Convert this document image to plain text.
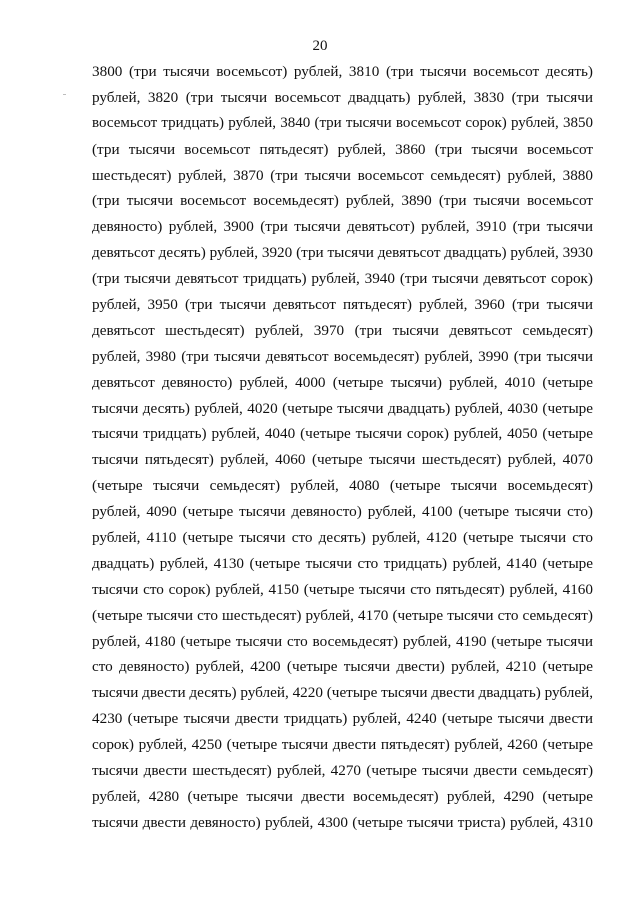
20
3800 (три тысячи восемьсот) рублей, 3810 (три тысячи восемьсот десять)
рублей, 3820 (три тысячи восемьсот двадцать) рублей, 3830 (три тысячи
восемьсот тридцать) рублей, 3840 (три тысячи восемьсот сорок) рублей, 3850
(три тысячи восемьсот пятьдесят) рублей, 3860 (три тысячи восемьсот
шестьдесят) рублей, 3870 (три тысячи восемьсот семьдесят) рублей, 3880
(три тысячи восемьсот восемьдесят) рублей, 3890 (три тысячи восемьсот
девяносто) рублей, 3900 (три тысячи девятьсот) рублей, 3910 (три тысячи
девятьсот десять) рублей, 3920 (три тысячи девятьсот двадцать) рублей, 3930
(три тысячи девятьсот тридцать) рублей, 3940 (три тысячи девятьсот сорок)
рублей, 3950 (три тысячи девятьсот пятьдесят) рублей, 3960 (три тысячи
девятьсот шестьдесят) рублей, 3970 (три тысячи девятьсот семьдесят)
рублей, 3980 (три тысячи девятьсот восемьдесят) рублей, 3990 (три тысячи
девятьсот девяносто) рублей, 4000 (четыре тысячи) рублей, 4010 (четыре
тысячи десять) рублей, 4020 (четыре тысячи двадцать) рублей, 4030 (четыре
тысячи тридцать) рублей, 4040 (четыре тысячи сорок) рублей, 4050 (четыре
тысячи пятьдесят) рублей, 4060 (четыре тысячи шестьдесят) рублей, 4070
(четыре тысячи семьдесят) рублей, 4080 (четыре тысячи восемьдесят)
рублей, 4090 (четыре тысячи девяносто) рублей, 4100 (четыре тысячи сто)
рублей, 4110 (четыре тысячи сто десять) рублей, 4120 (четыре тысячи сто
двадцать) рублей, 4130 (четыре тысячи сто тридцать) рублей, 4140 (четыре
тысячи сто сорок) рублей, 4150 (четыре тысячи сто пятьдесят) рублей, 4160
(четыре тысячи сто шестьдесят) рублей, 4170 (четыре тысячи сто семьдесят)
рублей, 4180 (четыре тысячи сто восемьдесят) рублей, 4190 (четыре тысячи
сто девяносто) рублей, 4200 (четыре тысячи двести) рублей, 4210 (четыре
тысячи двести десять) рублей, 4220 (четыре тысячи двести двадцать) рублей,
4230 (четыре тысячи двести тридцать) рублей, 4240 (четыре тысячи двести
сорок) рублей, 4250 (четыре тысячи двести пятьдесят) рублей, 4260 (четыре
тысячи двести шестьдесят) рублей, 4270 (четыре тысячи двести семьдесят)
рублей, 4280 (четыре тысячи двести восемьдесят) рублей, 4290 (четыре
тысячи двести девяносто) рублей, 4300 (четыре тысячи триста) рублей, 4310
